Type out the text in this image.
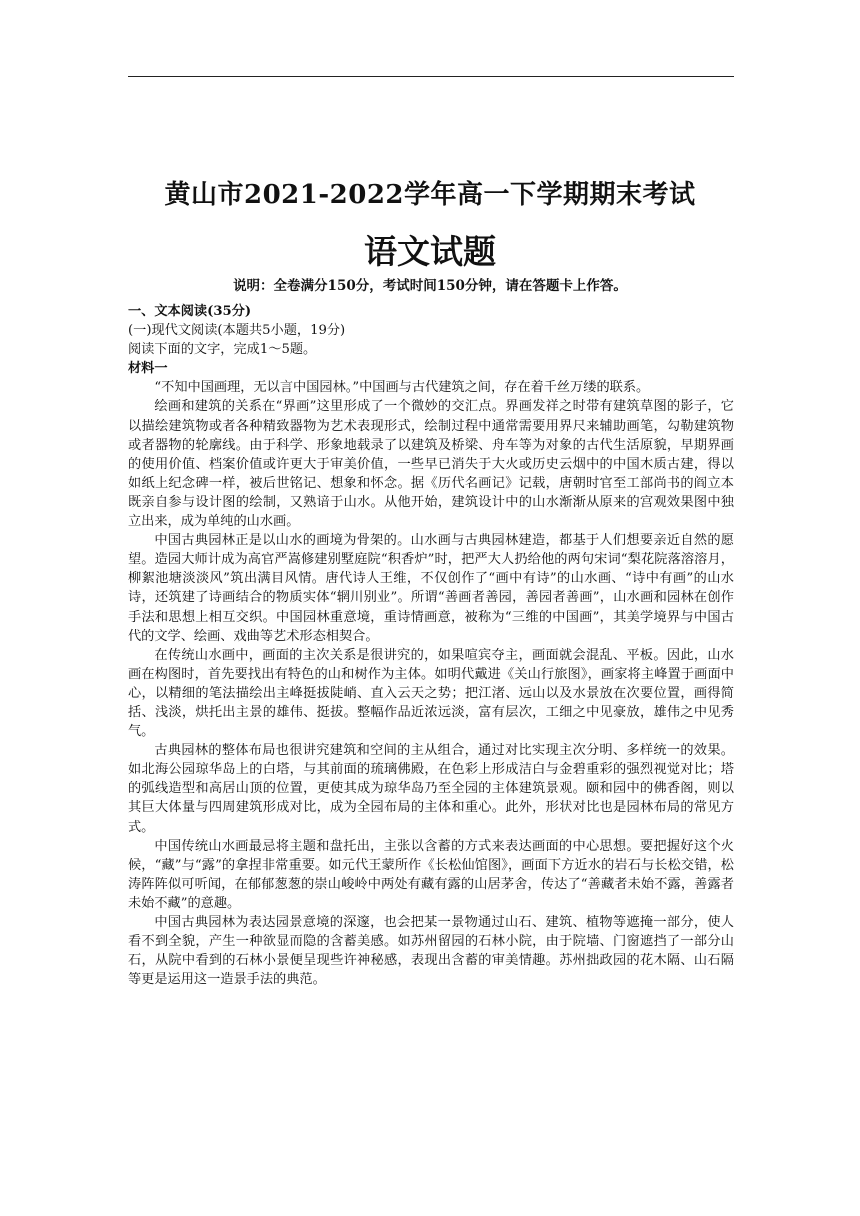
黄山市2021-2022学年高一下学期期末考试
语文试题
说明：全卷满分150分，考试时间150分钟，请在答题卡上作答。

一、文本阅读(35分)

(一)现代文阅读(本题共5小题，19分)

阅读下面的文字，完成1～5题。

材料一

“不知中国画理，无以言中国园林。”中国画与古代建筑之间，存在着千丝万缕的联系。

绘画和建筑的关系在“界画”这里形成了一个微妙的交汇点。界画发祥之时带有建筑草图的影子，它以描绘建筑物或者各种精致器物为艺术表现形式，绘制过程中通常需要用界尺来辅助画笔，勾勒建筑物或者器物的轮廓线。由于科学、形象地载录了以建筑及桥梁、舟车等为对象的古代生活原貌，早期界画的使用价值、档案价值或许更大于审美价值，一些早已消失于大火或历史云烟中的中国木质古建，得以如纸上纪念碑一样，被后世铭记、想象和怀念。据《历代名画记》记载，唐朝时官至工部尚书的阎立本既亲自参与设计图的绘制，又熟谙于山水。从他开始，建筑设计中的山水渐渐从原来的宫观效果图中独立出来，成为单纯的山水画。

中国古典园林正是以山水的画境为骨架的。山水画与古典园林建造，都基于人们想要亲近自然的愿望。造园大师计成为高官严嵩修建别墅庭院“积香炉”时，把严大人扔给他的两句宋词“梨花院落溶溶月，柳絮池塘淡淡风”筑出满目风情。唐代诗人王维，不仅创作了“画中有诗”的山水画、“诗中有画”的山水诗，还筑建了诗画结合的物质实体“辋川别业”。所谓“善画者善园，善园者善画”，山水画和园林在创作手法和思想上相互交织。中国园林重意境，重诗情画意，被称为“三维的中国画”，其美学境界与中国古代的文学、绘画、戏曲等艺术形态相契合。

在传统山水画中，画面的主次关系是很讲究的，如果喧宾夺主，画面就会混乱、平板。因此，山水画在构图时，首先要找出有特色的山和树作为主体。如明代戴进《关山行旅图》，画家将主峰置于画面中心，以精细的笔法描绘出主峰挺拔陡峭、直入云天之势；把江渚、远山以及水景放在次要位置，画得简括、浅淡，烘托出主景的雄伟、挺拔。整幅作品近浓远淡，富有层次，工细之中见豪放，雄伟之中见秀气。

古典园林的整体布局也很讲究建筑和空间的主从组合，通过对比实现主次分明、多样统一的效果。如北海公园琼华岛上的白塔，与其前面的琉璃佛殿，在色彩上形成洁白与金碧重彩的强烈视觉对比；塔的弧线造型和高居山顶的位置，更使其成为琼华岛乃至全园的主体建筑景观。颐和园中的佛香阁，则以其巨大体量与四周建筑形成对比，成为全园布局的主体和重心。此外，形状对比也是园林布局的常见方式。

中国传统山水画最忌将主题和盘托出，主张以含蓄的方式来表达画面的中心思想。要把握好这个火候，“藏”与“露”的拿捏非常重要。如元代王蒙所作《长松仙馆图》，画面下方近水的岩石与长松交错，松涛阵阵似可听闻，在郁郁葱葱的崇山峻岭中两处有藏有露的山居茅舍，传达了“善藏者未始不露，善露者未始不藏”的意趣。

中国古典园林为表达园景意境的深邃，也会把某一景物通过山石、建筑、植物等遮掩一部分，使人看不到全貌，产生一种欲显而隐的含蓄美感。如苏州留园的石林小院，由于院墙、门窗遮挡了一部分山石，从院中看到的石林小景便呈现些许神秘感，表现出含蓄的审美情趣。苏州拙政园的花木隔、山石隔等更是运用这一造景手法的典范。
